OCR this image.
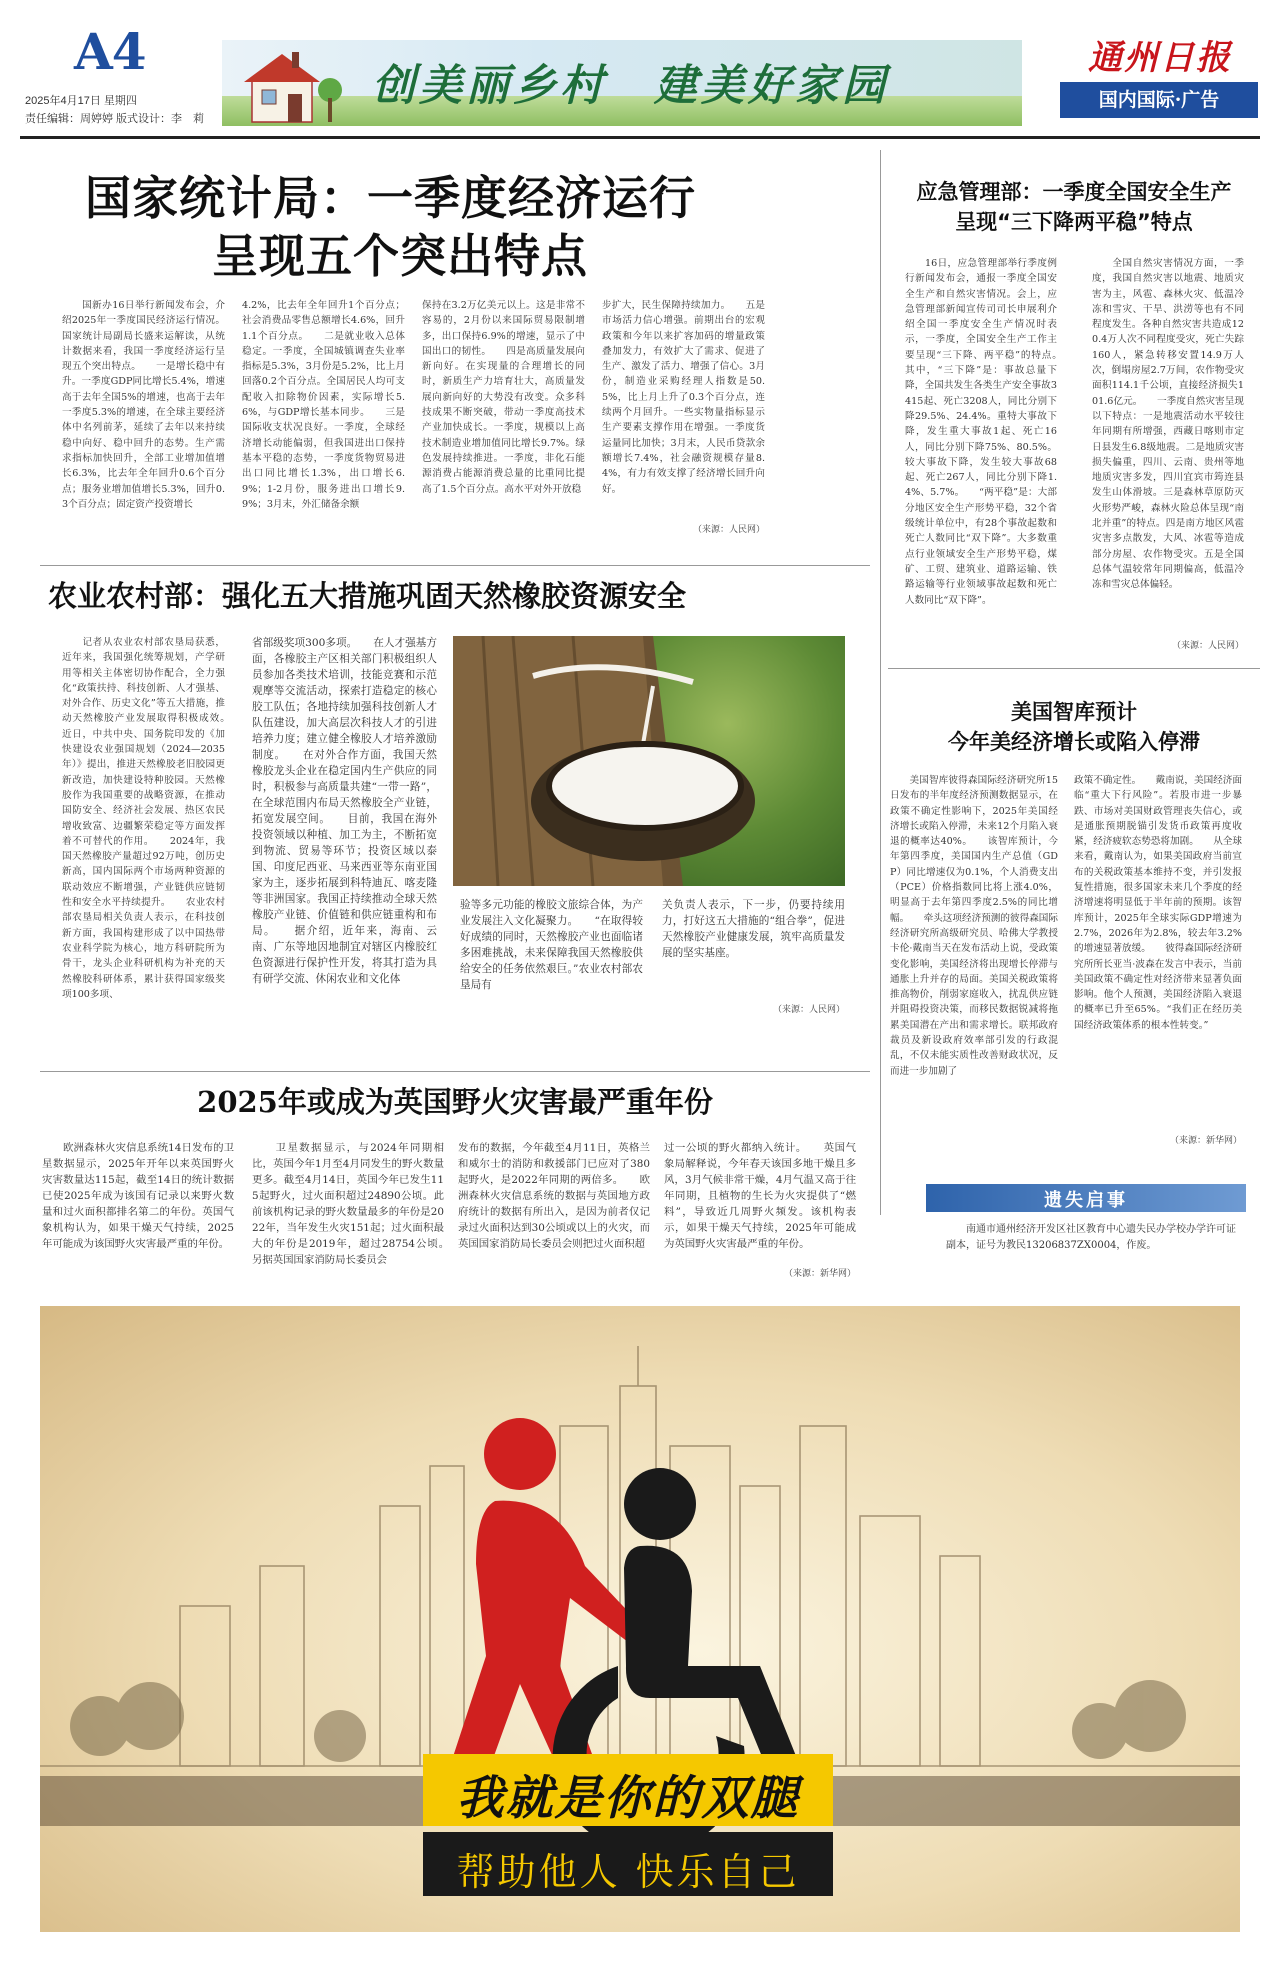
A4
2025年4月17日 星期四
责任编辑：周婷婷 版式设计：李　莉
创美丽乡村　建美好家园
通州日报
国内国际·广告
国家统计局：一季度经济运行
呈现五个突出特点
　　国新办16日举行新闻发布会，介绍2025年一季度国民经济运行情况。国家统计局副局长盛来运解读，从统计数据来看，我国一季度经济运行呈现五个突出特点。　　一是增长稳中有升。一季度GDP同比增长5.4%，增速高于去年全国5%的增速，也高于去年一季度5.3%的增速，在全球主要经济体中名列前茅，延续了去年以来持续稳中向好、稳中回升的态势。生产需求指标加快回升，全部工业增加值增长6.3%，比去年全年回升0.6个百分点；服务业增加值增长5.3%，回升0.3个百分点；固定资产投资增长
4.2%，比去年全年回升1个百分点；社会消费品零售总额增长4.6%，回升1.1个百分点。　　二是就业收入总体稳定。一季度，全国城镇调查失业率指标是5.3%，3月份是5.2%，比上月回落0.2个百分点。全国居民人均可支配收入扣除物价因素，实际增长5.6%，与GDP增长基本同步。　　三是国际收支状况良好。一季度，全球经济增长动能偏弱，但我国进出口保持基本平稳的态势，一季度货物贸易进出口同比增长1.3%，出口增长6.9%；1-2月份，服务进出口增长9.9%；3月末，外汇储备余额
保持在3.2万亿美元以上。这是非常不容易的，2月份以来国际贸易限制增多，出口保持6.9%的增速，显示了中国出口的韧性。　　四是高质量发展向新向好。在实现量的合理增长的同时，新质生产力培育壮大，高质量发展向新向好的大势没有改变。众多科技成果不断突破，带动一季度高技术产业加快成长。一季度，规模以上高技术制造业增加值同比增长9.7%。绿色发展持续推进。一季度，非化石能源消费占能源消费总量的比重同比提高了1.5个百分点。高水平对外开放稳
步扩大，民生保障持续加力。　　五是市场活力信心增强。前期出台的宏观政策和今年以来扩容加码的增量政策叠加发力，有效扩大了需求、促进了生产、激发了活力、增强了信心。3月份，制造业采购经理人指数是50.5%，比上月上升了0.3个百分点，连续两个月回升。一些实物量指标显示生产要素支撑作用在增强。一季度货运量同比加快；3月末，人民币贷款余额增长7.4%，社会融资规模存量8.4%，有力有效支撑了经济增长回升向好。
（来源：人民网）
应急管理部：一季度全国安全生产
呈现“三下降两平稳”特点
　　16日，应急管理部举行季度例行新闻发布会，通报一季度全国安全生产和自然灾害情况。会上，应急管理部新闻宣传司司长申展利介绍全国一季度安全生产情况时表示，一季度，全国安全生产工作主要呈现“三下降、两平稳”的特点。　　其中，“三下降”是：事故总量下降，全国共发生各类生产安全事故3415起、死亡3208人，同比分别下降29.5%、24.4%。重特大事故下降，发生重大事故1起、死亡16人，同比分别下降75%、80.5%。较大事故下降，发生较大事故68起、死亡267人，同比分别下降1.4%、5.7%。　　“两平稳”是：大部分地区安全生产形势平稳，32个省级统计单位中，有28个事故起数和死亡人数同比“双下降”。大多数重点行业领域安全生产形势平稳，煤矿、工贸、建筑业、道路运输、铁路运输等行业领域事故起数和死亡人数同比“双下降”。
　　全国自然灾害情况方面，一季度，我国自然灾害以地震、地质灾害为主，风雹、森林火灾、低温冷冻和雪灾、干旱、洪涝等也有不同程度发生。各种自然灾害共造成120.4万人次不同程度受灾，死亡失踪160人，紧急转移安置14.9万人次，倒塌房屋2.7万间，农作物受灾面积114.1千公顷，直接经济损失101.6亿元。　　一季度自然灾害呈现以下特点：一是地震活动水平较往年同期有所增强，西藏日喀则市定日县发生6.8级地震。二是地质灾害损失偏重，四川、云南、贵州等地地质灾害多发，四川宜宾市筠连县发生山体滑坡。三是森林草原防灭火形势严峻，森林火险总体呈现“南北并重”的特点。四是南方地区风雹灾害多点散发，大风、冰雹等造成部分房屋、农作物受灾。五是全国总体气温较常年同期偏高，低温冷冻和雪灾总体偏轻。
（来源：人民网）
美国智库预计
今年美经济增长或陷入停滞
　　美国智库彼得森国际经济研究所15日发布的半年度经济预测数据显示，在政策不确定性影响下，2025年美国经济增长或陷入停滞，未来12个月陷入衰退的概率达40%。　　该智库预计，今年第四季度，美国国内生产总值（GDP）同比增速仅为0.1%，个人消费支出（PCE）价格指数同比将上涨4.0%，明显高于去年第四季度2.5%的同比增幅。　　牵头这项经济预测的彼得森国际经济研究所高级研究员、哈佛大学教授卡伦·戴南当天在发布活动上说，受政策变化影响，美国经济将出现增长停滞与通胀上升并存的局面。美国关税政策将推高物价，削弱家庭收入，扰乱供应链并阻碍投资决策，而移民数据锐减将拖累美国潜在产出和需求增长。联邦政府裁员及新设政府效率部引发的行政混乱，不仅未能实质性改善财政状况，反而进一步加剧了
政策不确定性。　　戴南说，美国经济面临“重大下行风险”。若股市进一步暴跌、市场对美国财政管理丧失信心，或是通胀预期脱锚引发货币政策再度收紧，经济疲软态势恐将加剧。　　从全球来看，戴南认为，如果美国政府当前宣布的关税政策基本维持不变，并引发报复性措施，很多国家未来几个季度的经济增速将明显低于半年前的预期。该智库预计，2025年全球实际GDP增速为2.7%，2026年为2.8%，较去年3.2%的增速显著放缓。　　彼得森国际经济研究所所长亚当·波森在发言中表示，当前美国政策不确定性对经济带来显著负面影响。他个人预测，美国经济陷入衰退的概率已升至65%。“我们正在经历美国经济政策体系的根本性转变。”
（来源：新华网）
遗失启事
　　南通市通州经济开发区社区教育中心遗失民办学校办学许可证副本，证号为教民13206837ZX0004，作废。
农业农村部：强化五大措施巩固天然橡胶资源安全
　　记者从农业农村部农垦局获悉，近年来，我国强化统筹规划，产学研用等相关主体密切协作配合，全力强化“政策扶持、科技创新、人才强基、对外合作、历史文化”等五大措施，推动天然橡胶产业发展取得积极成效。　　近日，中共中央、国务院印发的《加快建设农业强国规划（2024—2035年）》提出，推进天然橡胶老旧胶园更新改造，加快建设特种胶园。天然橡胶作为我国重要的战略资源，在推动国防安全、经济社会发展、热区农民增收致富、边疆繁荣稳定等方面发挥着不可替代的作用。　　2024年，我国天然橡胶产量超过92万吨，创历史新高，国内国际两个市场两种资源的联动效应不断增强，产业链供应链韧性和安全水平持续提升。　　农业农村部农垦局相关负责人表示，在科技创新方面，我国构建形成了以中国热带农业科学院为核心，地方科研院所为骨干，龙头企业科研机构为补充的天然橡胶科研体系，累计获得国家级奖项100多项、
省部级奖项300多项。　　在人才强基方面，各橡胶主产区相关部门积极组织人员参加各类技术培训，技能竞赛和示范观摩等交流活动，探索打造稳定的核心胶工队伍；各地持续加强科技创新人才队伍建设，加大高层次科技人才的引进培养力度；建立健全橡胶人才培养激励制度。　　在对外合作方面，我国天然橡胶龙头企业在稳定国内生产供应的同时，积极参与高质量共建“一带一路”，在全球范围内布局天然橡胶全产业链，拓宽发展空间。　　目前，我国在海外投资领域以种植、加工为主，不断拓宽到物流、贸易等环节；投资区域以泰国、印度尼西亚、马来西亚等东南亚国家为主，逐步拓展到科特迪瓦、喀麦隆等非洲国家。我国正持续推动全球天然橡胶产业链、价值链和供应链重构和布局。　　据介绍，近年来，海南、云南、广东等地因地制宜对辖区内橡胶红色资源进行保护性开发，将其打造为具有研学交流、休闲农业和文化体
验等多元功能的橡胶文旅综合体，为产业发展注入文化凝聚力。　　“在取得较好成绩的同时，天然橡胶产业也面临诸多困难挑战，未来保障我国天然橡胶供给安全的任务依然艰巨。”农业农村部农垦局有
关负责人表示，下一步，仍要持续用力，打好这五大措施的“组合拳”，促进天然橡胶产业健康发展，筑牢高质量发展的坚实基座。
（来源：人民网）
2025年或成为英国野火灾害最严重年份
　　欧洲森林火灾信息系统14日发布的卫星数据显示，2025年开年以来英国野火灾害数量达115起，截至14日的统计数据已使2025年成为该国有记录以来野火数量和过火面积都排名第二的年份。英国气象机构认为，如果干燥天气持续，2025年可能成为该国野火灾害最严重的年份。
　　卫星数据显示，与2024年同期相比，英国今年1月至4月同发生的野火数量更多。截至4月14日，英国今年已发生115起野火，过火面积超过24890公顷。此前该机构记录的野火数量最多的年份是2022年，当年发生火灾151起；过火面积最大的年份是2019年，超过28754公顷。　　另据英国国家消防局长委员会
发布的数据，今年截至4月11日，英格兰和威尔士的消防和救援部门已应对了380起野火，是2022年同期的两倍多。　　欧洲森林火灾信息系统的数据与英国地方政府统计的数据有所出入，是因为前者仅记录过火面积达到30公顷或以上的火灾，而英国国家消防局长委员会则把过火面积超
过一公顷的野火都纳入统计。　　英国气象局解释说，今年春天该国多地干燥且多风，3月气候非常干燥，4月气温又高于往年同期，且植物的生长为火灾提供了“燃料”，导致近几周野火频发。该机构表示，如果干燥天气持续，2025年可能成为英国野火灾害最严重的年份。
（来源：新华网）
我就是你的双腿
帮助他人 快乐自己
